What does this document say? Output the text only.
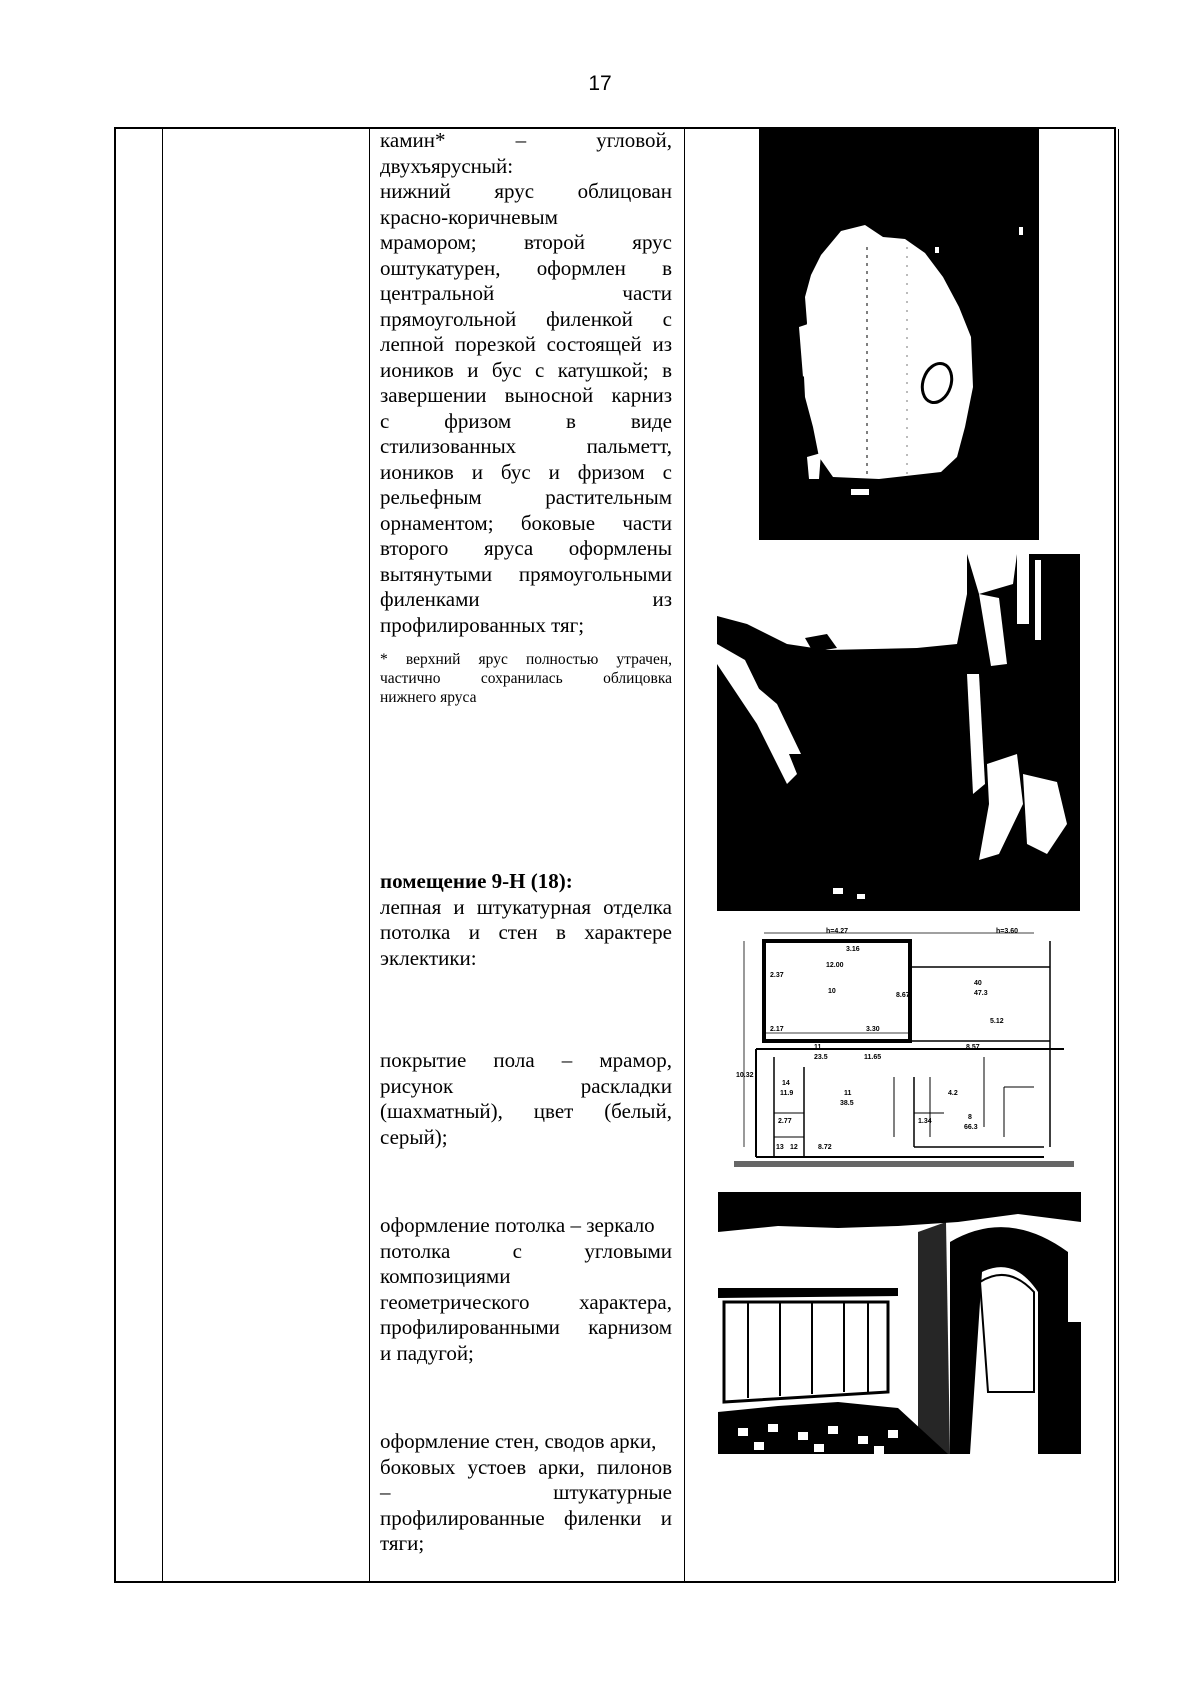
17
камин* – угловой,
двухъярусный:
нижний ярус облицован
красно-коричневым
мрамором; второй ярус
оштукатурен, оформлен в
центральной части
прямоугольной филенкой с
лепной порезкой состоящей из
иоников и бус с катушкой; в
завершении выносной карниз
с фризом в виде
стилизованных пальметт,
иоников и бус и фризом с
рельефным растительным
орнаментом; боковые части
второго яруса оформлены
вытянутыми прямоугольными
филенками из
профилированных тяг;
* верхний ярус полностью утрачен,
частично сохранилась облицовка
нижнего яруса
помещение 9-Н (18):
лепная и штукатурная отделка
потолка и стен в характере
эклектики:
покрытие пола – мрамор,
рисунок раскладки
(шахматный), цвет (белый,
серый);
оформление потолка – зеркало
потолка с угловыми
композициями
геометрического характера,
профилированными карнизом
и падугой;
оформление стен, сводов арки,
боковых устоев арки, пилонов
– штукатурные
профилированные филенки и
тяги;
h=4.27
3.16
12.00
h=3.60
10
2.37
8.67
40
47.3
2.17	3.30
5.12
8.57
11
23.5	11.65
10.32
14
11.9	11
38.5
2.77
8
66.3
4.2
1.34
8.72
12
13
